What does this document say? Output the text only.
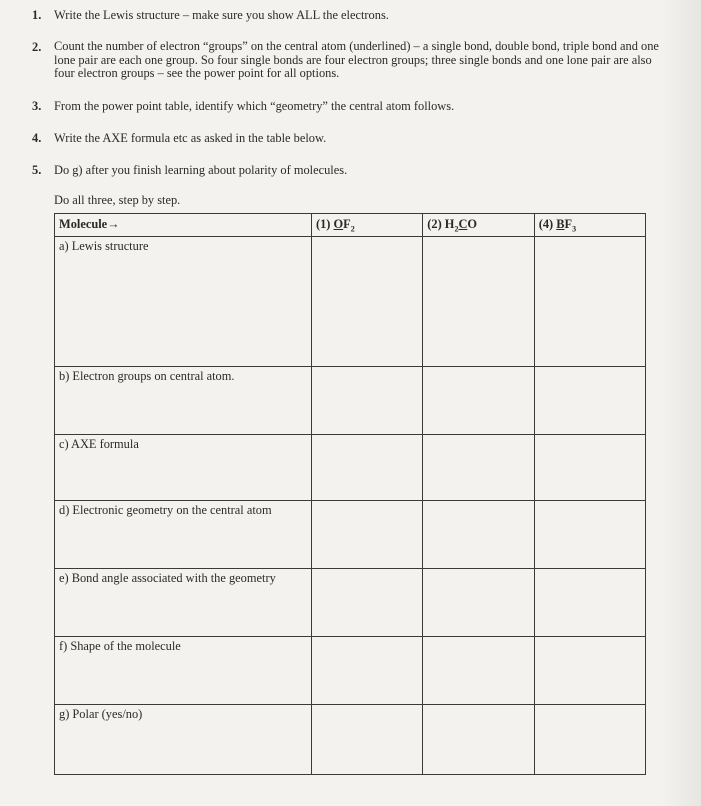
1.	Write the Lewis structure – make sure you show ALL the electrons.
2.	Count the number of electron “groups” on the central atom (underlined) – a single bond, double bond, triple bond and one lone pair are each one group. So four single bonds are four electron groups; three single bonds and one lone pair are also four electron groups – see the power point for all options.
3.	From the power point table, identify which “geometry” the central atom follows.
4.	Write the AXE formula etc as asked in the table below.
5.	Do g) after you finish learning about polarity of molecules.
Do all three, step by step.
Molecule→	(1) $OF_2$	(2) $H_2CO$	(4) $BF_3$
a) Lewis structure			
b) Electron groups on central atom.			
c) AXE formula			
d) Electronic geometry on the central atom			
e) Bond angle associated with the geometry			
f) Shape of the molecule			
g) Polar (yes/no)			
